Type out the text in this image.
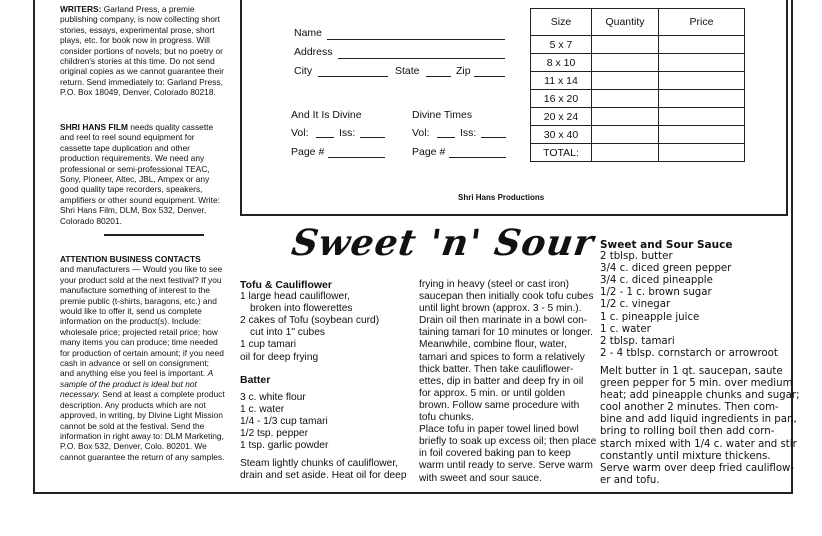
WRITERS: Garland Press, a premie publishing company, is now collecting short stories, essays, experimental prose, short plays, etc. for book now in progress. Will consider portions of novels; but no poetry or children's stories at this time. Do not send original copies as we cannot guarantee their return. Send immediately to: Garland Press, P.O. Box 18049, Denver, Colorado 80218.

SHRI HANS FILM needs quality cassette and reel to reel sound equipment for cassette tape duplication and other production requirements. We need any professional or semi-professional TEAC, Sony, Pioneer, Altec, JBL, Ampex or any good quality tape recorders, speakers, amplifiers or other sound equipment. Write: Shri Hans Film, DLM, Box 532, Denver, Colorado 80201.

ATTENTION BUSINESS CONTACTS
and manufacturers — Would you like to see your product sold at the next festival? If you manufacture something of interest to the premie public (t-shirts, baragons, etc.) and would like to offer it, send us complete information on the product(s). Include: wholesale price; projected retail price; how many items you can produce; time needed for production of certain amount; if you need cash in advance or sell on consignment; and anything else you feel is important. A sample of the product is ideal but not necessary. Send at least a complete product description. Any products which are not approved, in writing, by Divine Light Mission cannot be sold at the festival. Send the information in right away to: DLM Marketing, P.O. Box 532, Denver, Colo. 80201. We cannot guarantee the return of any samples.

Name
Address
City	State	Zip
And It Is Divine	Divine Times
Vol:	Iss:	Vol:	Iss:
Page #	Page #
Size	Quantity	Price
5 x 7		
8 x 10		
11 x 14		
16 x 20		
20 x 24		
30 x 40		
TOTAL:		
Shri Hans Productions
Sweet 'n' Sour
Tofu & Cauliflower
1 large head cauliflower,
broken into flowerettes
2 cakes of Tofu (soybean curd)
cut into 1" cubes
1 cup tamari
oil for deep frying
Batter
3 c. white flour
1 c. water
1/4 - 1/3 cup tamari
1/2 tsp. pepper
1 tsp. garlic powder
Steam lightly chunks of cauliflower,
drain and set aside. Heat oil for deep
frying in heavy (steel or cast iron)
saucepan then initially cook tofu cubes
until light brown (approx. 3 - 5 min.).
Drain oil then marinate in a bowl con-
taining tamari for 10 minutes or longer.
Meanwhile, combine flour, water,
tamari and spices to form a relatively
thick batter. Then take cauliflower-
ettes, dip in batter and deep fry in oil
for approx. 5 min. or until golden
brown. Follow same procedure with
tofu chunks.
Place tofu in paper towel lined bowl
briefly to soak up excess oil; then place
in foil covered baking pan to keep
warm until ready to serve. Serve warm
with sweet and sour sauce.
Sweet and Sour Sauce
2 tblsp. butter
3/4 c. diced green pepper
3/4 c. diced pineapple
1/2 - 1 c. brown sugar
1/2 c. vinegar
1 c. pineapple juice
1 c. water
2 tblsp. tamari
2 - 4 tblsp. cornstarch or arrowroot
Melt butter in 1 qt. saucepan, saute
green pepper for 5 min. over medium
heat; add pineapple chunks and sugar;
cool another 2 minutes. Then com-
bine and add liquid ingredients in pan,
bring to rolling boil then add corn-
starch mixed with 1/4 c. water and stir
constantly until mixture thickens.
Serve warm over deep fried cauliflow-
er and tofu.
